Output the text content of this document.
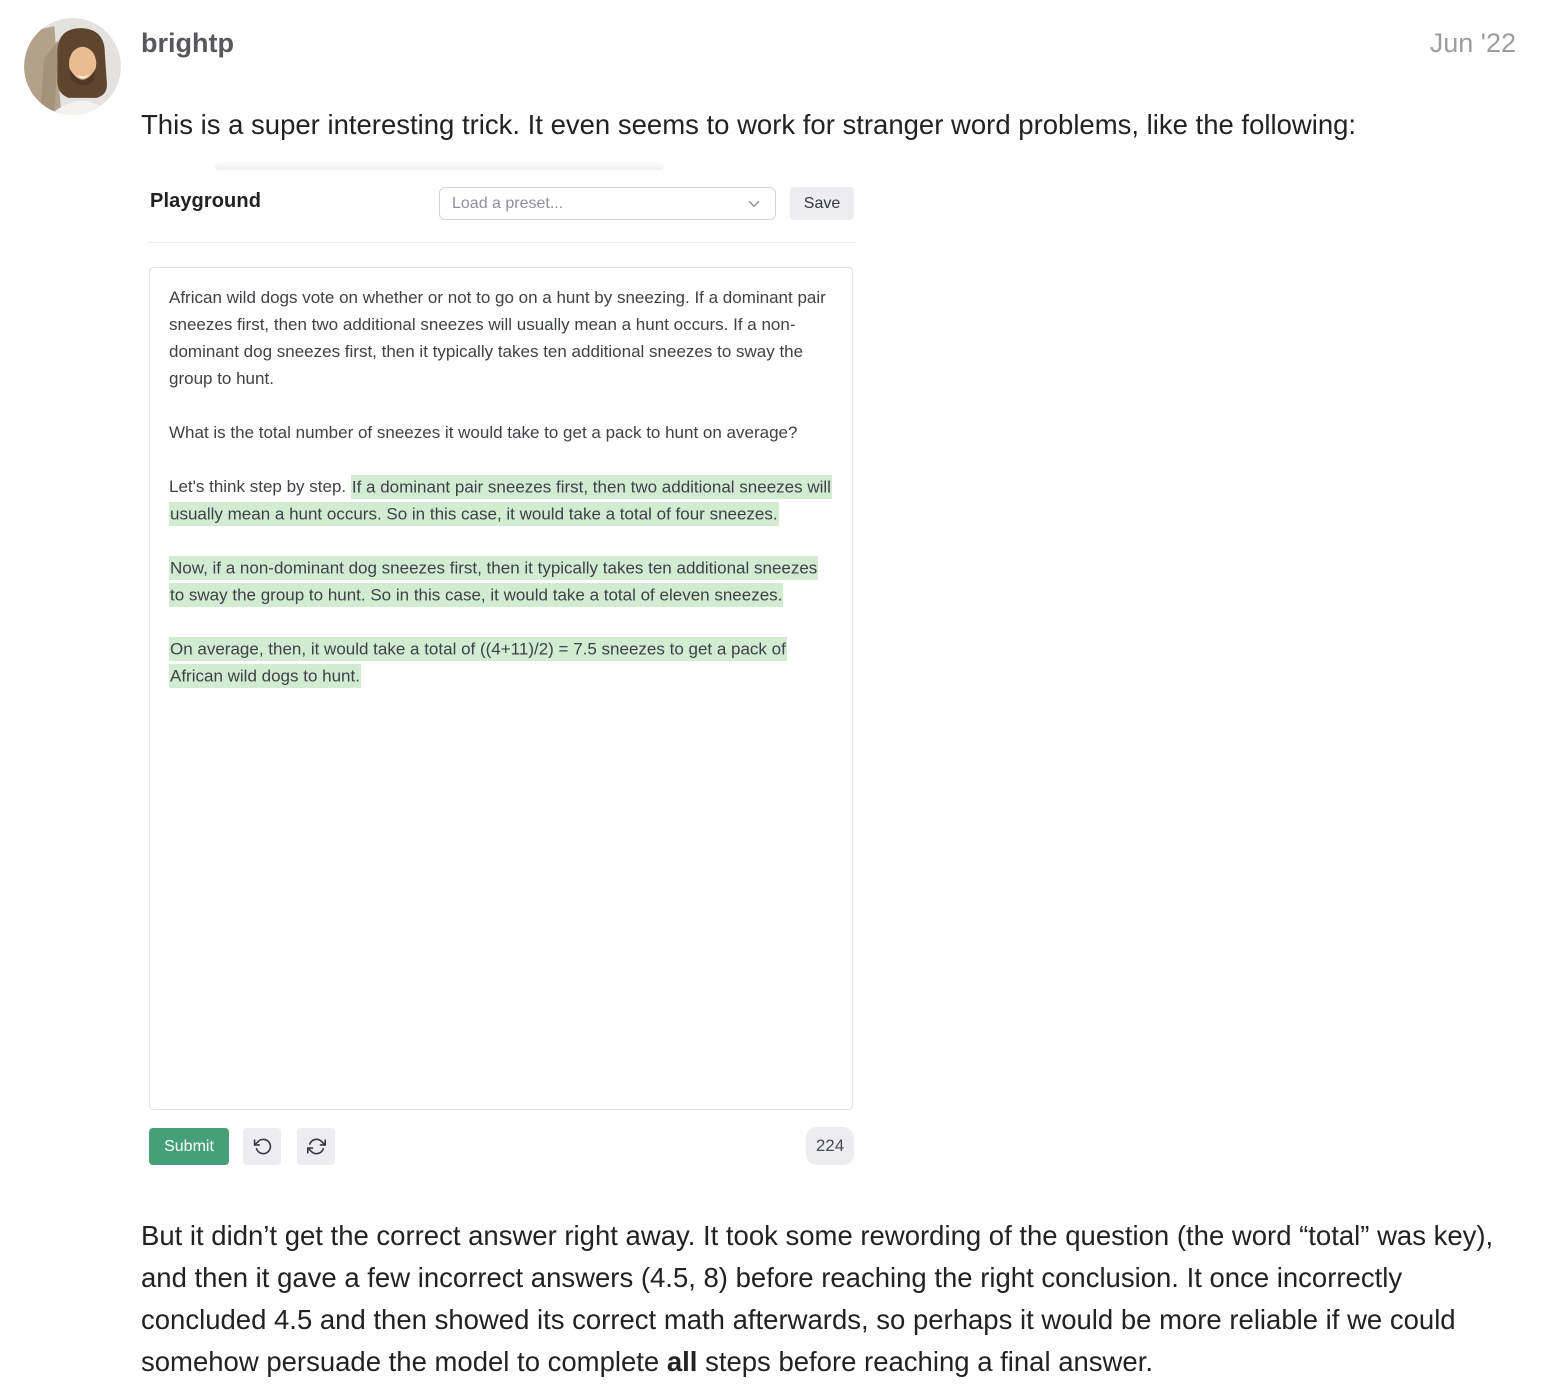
brightp	Jun '22
This is a super interesting trick. It even seems to work for stranger word problems, like the following:
Playground	Load a preset...	Save
African wild dogs vote on whether or not to go on a hunt by sneezing. If a dominant pair sneezes first, then two additional sneezes will usually mean a hunt occurs. If a non-dominant dog sneezes first, then it typically takes ten additional sneezes to sway the group to hunt.
What is the total number of sneezes it would take to get a pack to hunt on average?
Let's think step by step. If a dominant pair sneezes first, then two additional sneezes will usually mean a hunt occurs. So in this case, it would take a total of four sneezes.
Now, if a non-dominant dog sneezes first, then it typically takes ten additional sneezes to sway the group to hunt. So in this case, it would take a total of eleven sneezes.
On average, then, it would take a total of ((4+11)/2) = 7.5 sneezes to get a pack of African wild dogs to hunt.
Submit	224
But it didn’t get the correct answer right away. It took some rewording of the question (the word “total” was key), and then it gave a few incorrect answers (4.5, 8) before reaching the right conclusion. It once incorrectly concluded 4.5 and then showed its correct math afterwards, so perhaps it would be more reliable if we could somehow persuade the model to complete all steps before reaching a final answer.
